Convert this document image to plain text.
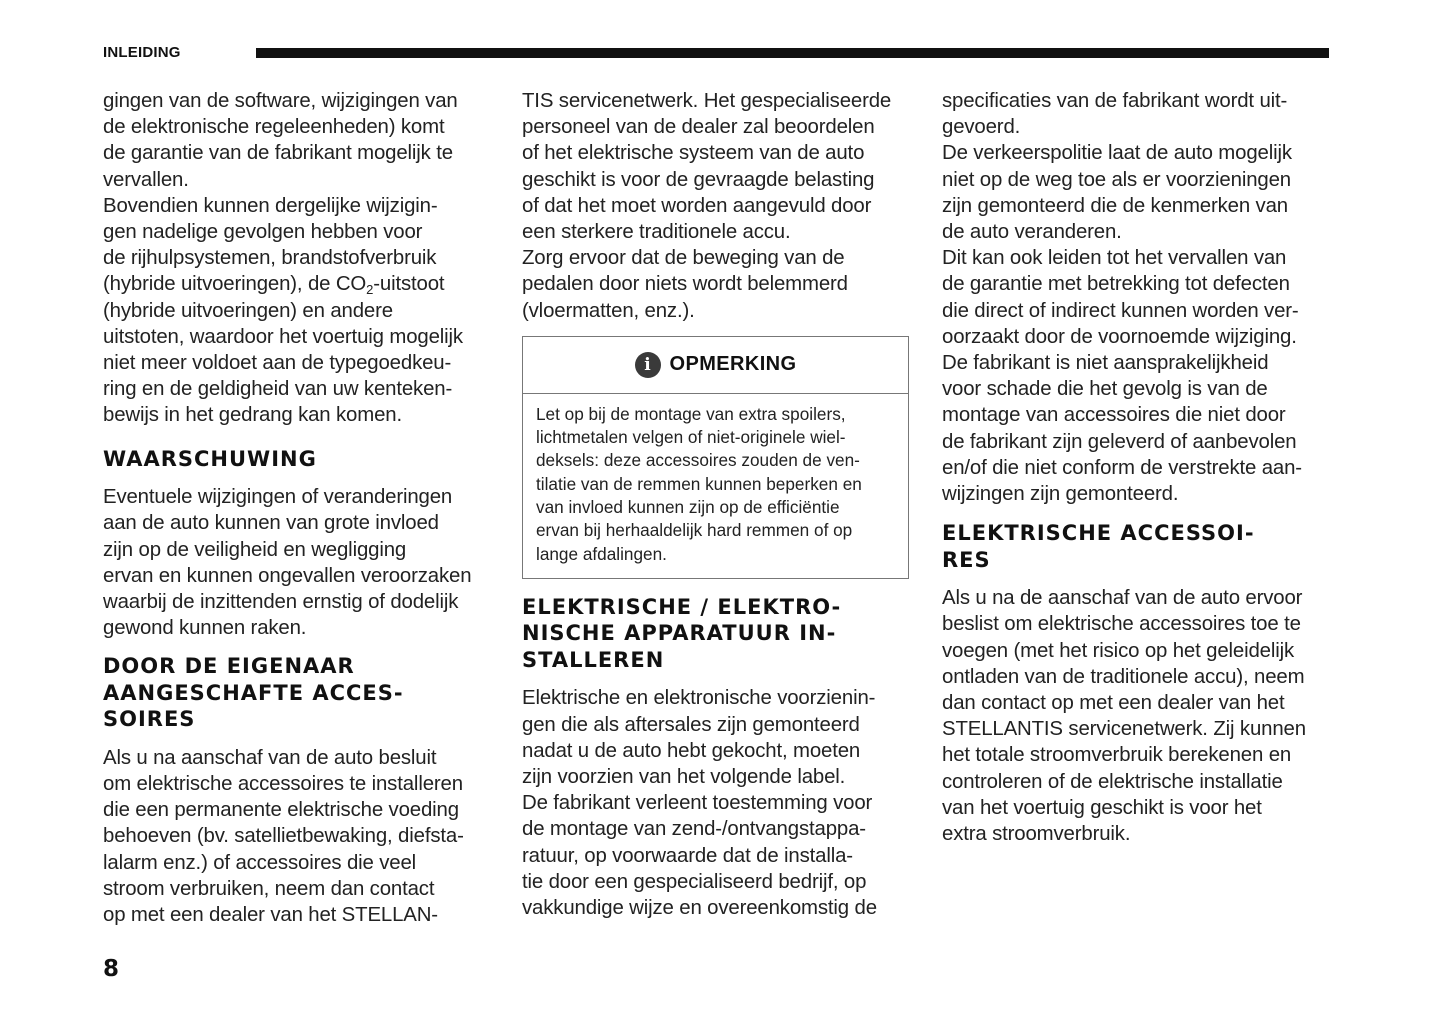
INLEIDING

gingen van de software, wijzigingen van
de elektronische regeleenheden) komt
de garantie van de fabrikant mogelijk te
vervallen.
Bovendien kunnen dergelijke wijzigin-
gen nadelige gevolgen hebben voor
de rijhulpsystemen, brandstofverbruik
(hybride uitvoeringen), de $CO_2$-uitstoot
(hybride uitvoeringen) en andere
uitstoten, waardoor het voertuig mogelijk
niet meer voldoet aan de typegoedkeu-
ring en de geldigheid van uw kenteken-
bewijs in het gedrang kan komen.

WAARSCHUWING

Eventuele wijzigingen of veranderingen
aan de auto kunnen van grote invloed
zijn op de veiligheid en wegligging
ervan en kunnen ongevallen veroorzaken
waarbij de inzittenden ernstig of dodelijk
gewond kunnen raken.

DOOR DE EIGENAAR
AANGESCHAFTE ACCES-
SOIRES

Als u na aanschaf van de auto besluit
om elektrische accessoires te installeren
die een permanente elektrische voeding
behoeven (bv. satellietbewaking, diefsta-
lalarm enz.) of accessoires die veel
stroom verbruiken, neem dan contact
op met een dealer van het STELLAN-

TIS servicenetwerk. Het gespecialiseerde
personeel van de dealer zal beoordelen
of het elektrische systeem van de auto
geschikt is voor de gevraagde belasting
of dat het moet worden aangevuld door
een sterkere traditionele accu.
Zorg ervoor dat de beweging van de
pedalen door niets wordt belemmerd
(vloermatten, enz.).

i OPMERKING
Let op bij de montage van extra spoilers,
lichtmetalen velgen of niet-originele wiel-
deksels: deze accessoires zouden de ven-
tilatie van de remmen kunnen beperken en
van invloed kunnen zijn op de efficiëntie
ervan bij herhaaldelijk hard remmen of op
lange afdalingen.
ELEKTRISCHE / ELEKTRO-
NISCHE APPARATUUR IN-
STALLEREN

Elektrische en elektronische voorzienin-
gen die als aftersales zijn gemonteerd
nadat u de auto hebt gekocht, moeten
zijn voorzien van het volgende label.
De fabrikant verleent toestemming voor
de montage van zend-/ontvangstappa-
ratuur, op voorwaarde dat de installa-
tie door een gespecialiseerd bedrijf, op
vakkundige wijze en overeenkomstig de

specificaties van de fabrikant wordt uit-
gevoerd.
De verkeerspolitie laat de auto mogelijk
niet op de weg toe als er voorzieningen
zijn gemonteerd die de kenmerken van
de auto veranderen.
Dit kan ook leiden tot het vervallen van
de garantie met betrekking tot defecten
die direct of indirect kunnen worden ver-
oorzaakt door de voornoemde wijziging.
De fabrikant is niet aansprakelijkheid
voor schade die het gevolg is van de
montage van accessoires die niet door
de fabrikant zijn geleverd of aanbevolen
en/of die niet conform de verstrekte aan-
wijzingen zijn gemonteerd.

ELEKTRISCHE ACCESSOI-
RES

Als u na de aanschaf van de auto ervoor
beslist om elektrische accessoires toe te
voegen (met het risico op het geleidelijk
ontladen van de traditionele accu), neem
dan contact op met een dealer van het
STELLANTIS servicenetwerk. Zij kunnen
het totale stroomverbruik berekenen en
controleren of de elektrische installatie
van het voertuig geschikt is voor het
extra stroomverbruik.

8
